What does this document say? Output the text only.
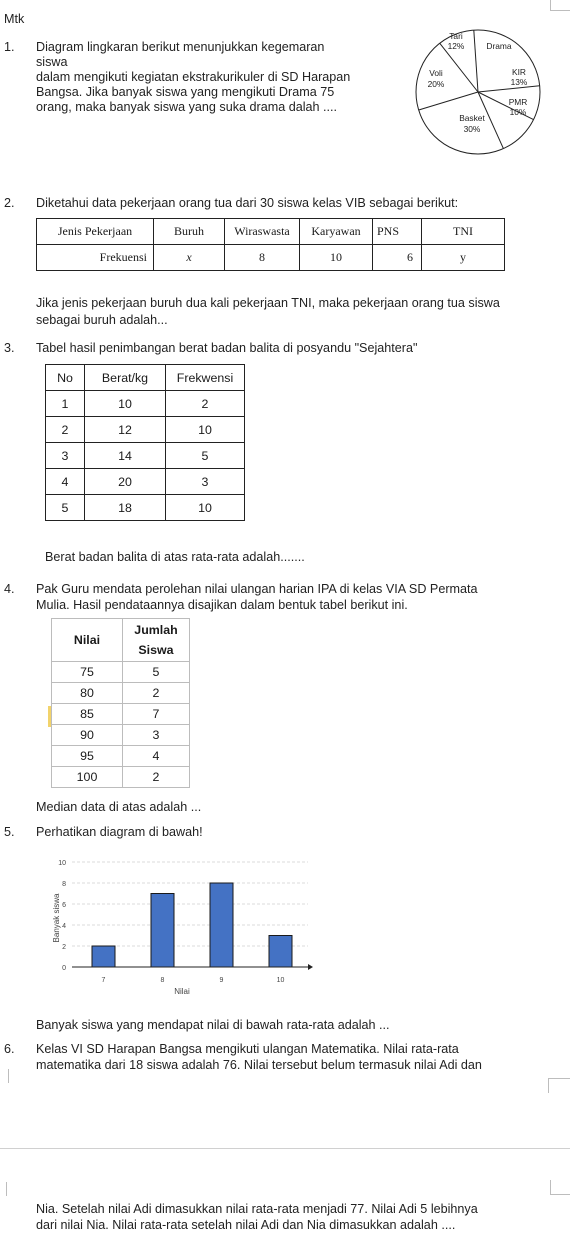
Mtk
1. Diagram lingkaran berikut menunjukkan kegemaran
siswa
dalam mengikuti kegiatan ekstrakurikuler di SD Harapan
Bangsa. Jika banyak siswa yang mengikuti Drama 75
orang, maka banyak siswa yang suka drama dalah ....
Tari
12%	Drama
KIR
13%
PMR
10%
Basket
30%
Voli
20%
2. Diketahui data pekerjaan orang tua dari 30 siswa kelas VIB sebagai berikut:
Jenis Pekerjaan	Buruh	Wiraswasta	Karyawan	PNS	TNI
Frekuensi	x	8	10	6	y
Jika jenis pekerjaan buruh dua kali pekerjaan TNI, maka pekerjaan orang tua siswa
sebagai buruh adalah...
3. Tabel hasil penimbangan berat badan balita di posyandu "Sejahtera"
No	Berat/kg	Frekwensi
1	10	2
2	12	10
3	14	5
4	20	3
5	18	10
Berat badan balita di atas rata-rata adalah.......
4. Pak Guru mendata perolehan nilai ulangan harian IPA di kelas VIA SD Permata
Mulia. Hasil pendataannya disajikan dalam bentuk tabel berikut ini.
Nilai	Jumlah
Siswa

75	5
80	2
85	7
90	3
95	4
100	2
Median data di atas adalah ...
5. Perhatikan diagram di bawah!
0
2
4
6
8
10
7	8	9	10
Nilai
Banyak siswa
Banyak siswa yang mendapat nilai di bawah rata-rata adalah ...
6. Kelas VI SD Harapan Bangsa mengikuti ulangan Matematika. Nilai rata-rata
matematika dari 18 siswa adalah 76. Nilai tersebut belum termasuk nilai Adi dan
Nia. Setelah nilai Adi dimasukkan nilai rata-rata menjadi 77. Nilai Adi 5 lebihnya
dari nilai Nia. Nilai rata-rata setelah nilai Adi dan Nia dimasukkan adalah ....
